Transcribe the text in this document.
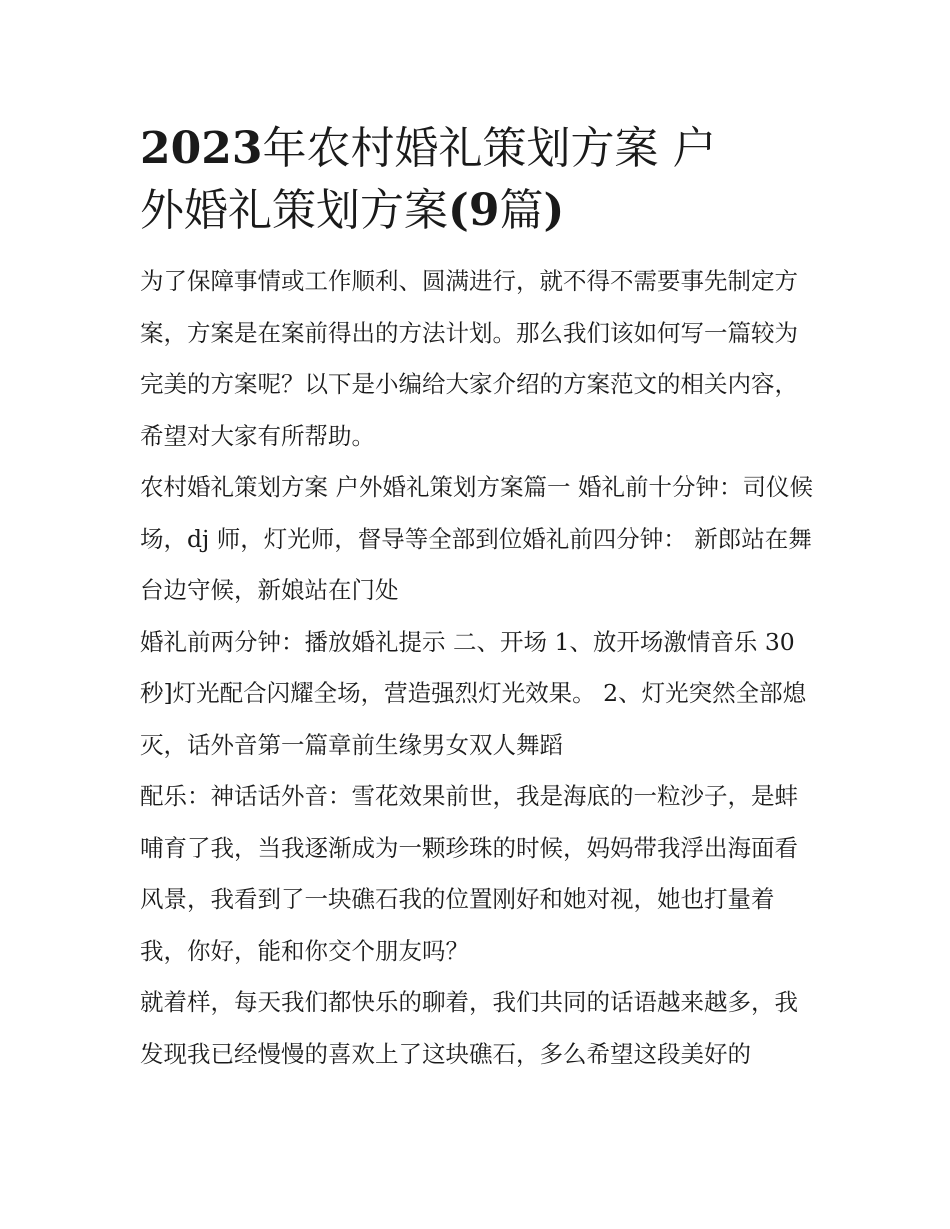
2023年农村婚礼策划方案 户
外婚礼策划方案(9篇)

为了保障事情或工作顺利、圆满进行，就不得不需要事先制定方案，方案是在案前得出的方法计划。那么我们该如何写一篇较为完美的方案呢？以下是小编给大家介绍的方案范文的相关内容，希望对大家有所帮助。

农村婚礼策划方案 户外婚礼策划方案篇一 婚礼前十分钟：司仪候场，dj 师，灯光师，督导等全部到位婚礼前四分钟： 新郎站在舞台边守候，新娘站在门处

婚礼前两分钟：播放婚礼提示 二、开场 1、放开场激情音乐 30 秒]灯光配合闪耀全场，营造强烈灯光效果。 2、灯光突然全部熄灭，话外音第一篇章前生缘男女双人舞蹈

配乐：神话话外音：雪花效果前世，我是海底的一粒沙子，是蚌哺育了我，当我逐渐成为一颗珍珠的时候，妈妈带我浮出海面看风景，我看到了一块礁石我的位置刚好和她对视，她也打量着我，你好，能和你交个朋友吗？

就着样，每天我们都快乐的聊着，我们共同的话语越来越多，我发现我已经慢慢的喜欢上了这块礁石，多么希望这段美好的
